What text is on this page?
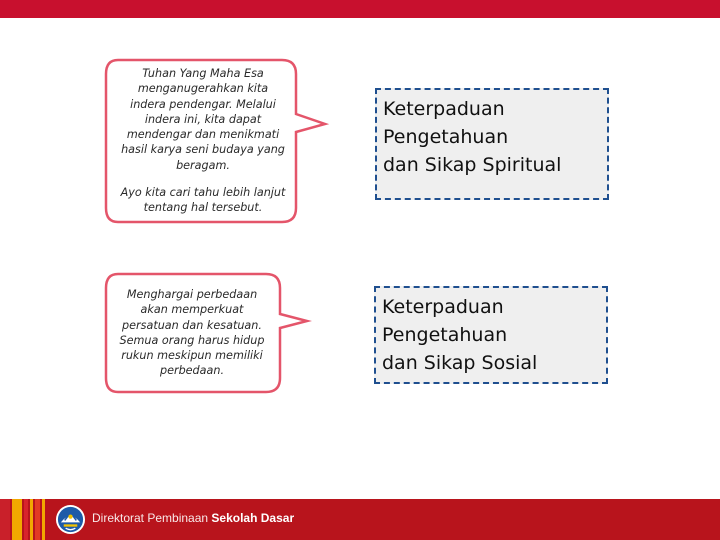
Tuhan Yang Maha Esa
menganugerahkan kita
indera pendengar. Melalui
indera ini, kita dapat
mendengar dan menikmati
hasil karya seni budaya yang
beragam.

Ayo kita cari tahu lebih lanjut
tentang hal tersebut.

Menghargai perbedaan
akan memperkuat
persatuan dan kesatuan.
Semua orang harus hidup
rukun meskipun memiliki
perbedaan.

Keterpaduan
Pengetahuan
dan Sikap Spiritual

Keterpaduan
Pengetahuan
dan Sikap Sosial

Direktorat Pembinaan Sekolah Dasar
